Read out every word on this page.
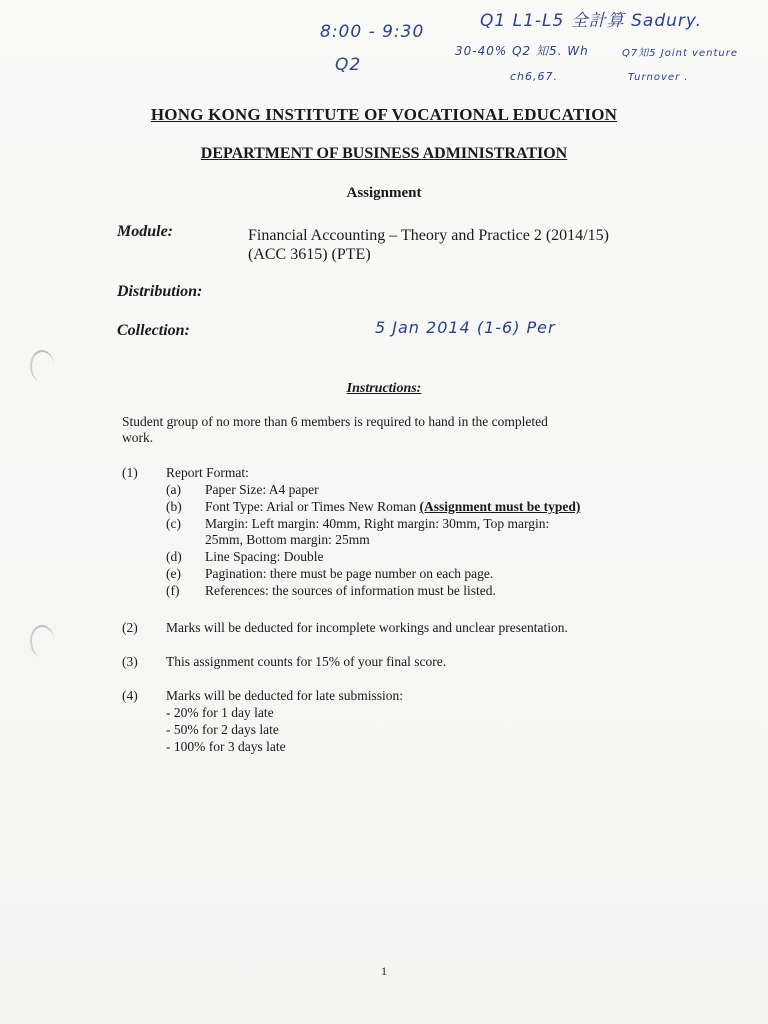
8:00 - 9:30
Q2
Q1 L1-L5 全計算 Sadury.
30-40% Q2 知5. Wh	Q7知5 Joint venture
ch6,67.	Turnover .
HONG KONG INSTITUTE OF VOCATIONAL EDUCATION
DEPARTMENT OF BUSINESS ADMINISTRATION
Assignment
Module:	Financial Accounting – Theory and Practice 2 (2014/15)
(ACC 3615) (PTE)
Distribution:
Collection:	5 Jan 2014 (1-6) Per
Instructions:
Student group of no more than 6 members is required to hand in the completed
work.
(1) Report Format:
(a) Paper Size: A4 paper
(b) Font Type: Arial or Times New Roman (Assignment must be typed)
(c) Margin: Left margin: 40mm, Right margin: 30mm, Top margin:
25mm, Bottom margin: 25mm
(d) Line Spacing: Double
(e) Pagination: there must be page number on each page.
(f) References: the sources of information must be listed.
(2) Marks will be deducted for incomplete workings and unclear presentation.
(3) This assignment counts for 15% of your final score.
(4) Marks will be deducted for late submission:
- 20% for 1 day late
- 50% for 2 days late
- 100% for 3 days late
1
